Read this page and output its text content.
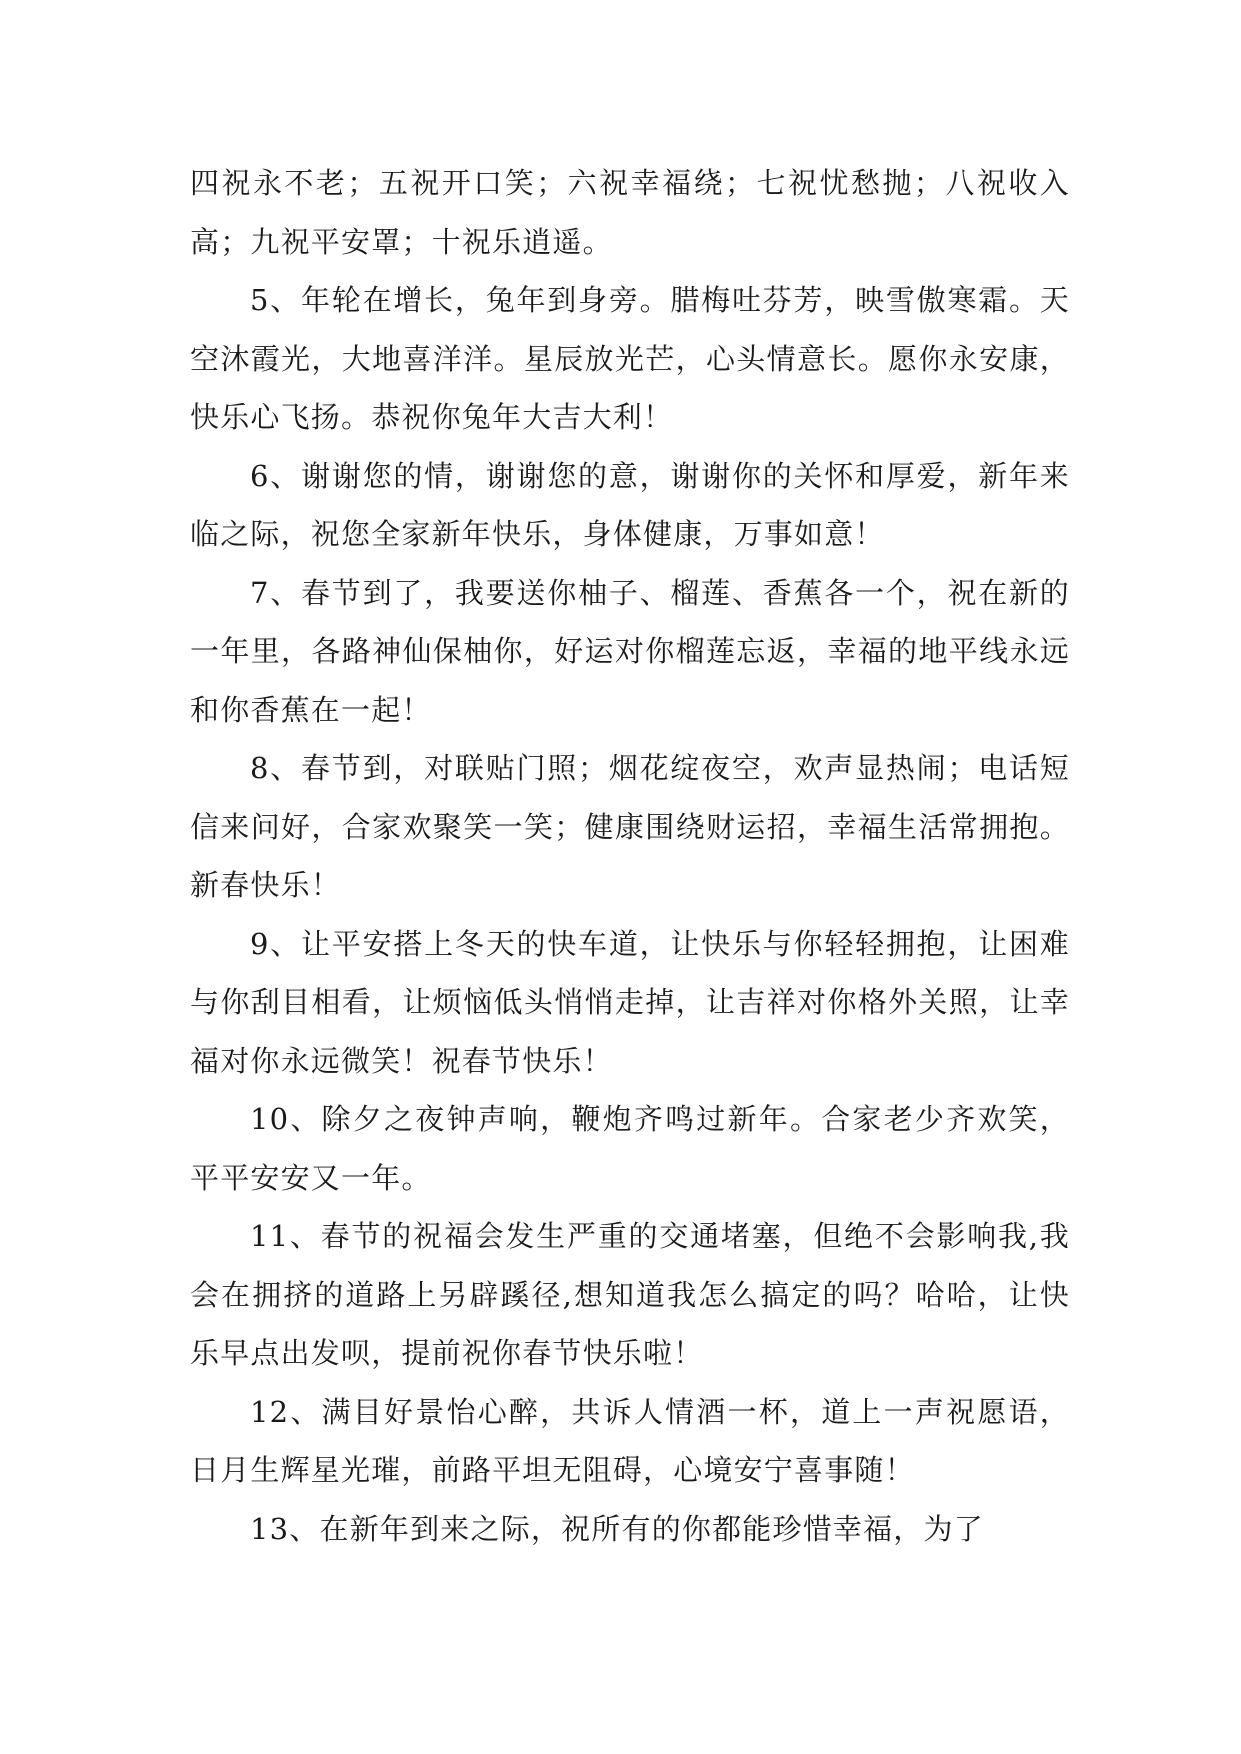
四祝永不老；五祝开口笑；六祝幸福绕；七祝忧愁抛；八祝收入高；九祝平安罩；十祝乐逍遥。

5、年轮在增长，兔年到身旁。腊梅吐芬芳，映雪傲寒霜。天空沐霞光，大地喜洋洋。星辰放光芒，心头情意长。愿你永安康，快乐心飞扬。恭祝你兔年大吉大利！

6、谢谢您的情，谢谢您的意，谢谢你的关怀和厚爱，新年来临之际，祝您全家新年快乐，身体健康，万事如意！

7、春节到了，我要送你柚子、榴莲、香蕉各一个，祝在新的一年里，各路神仙保柚你，好运对你榴莲忘返，幸福的地平线永远和你香蕉在一起！

8、春节到，对联贴门照；烟花绽夜空，欢声显热闹；电话短信来问好，合家欢聚笑一笑；健康围绕财运招，幸福生活常拥抱。新春快乐！

9、让平安搭上冬天的快车道，让快乐与你轻轻拥抱，让困难与你刮目相看，让烦恼低头悄悄走掉，让吉祥对你格外关照，让幸福对你永远微笑！祝春节快乐！

10、除夕之夜钟声响，鞭炮齐鸣过新年。合家老少齐欢笑，平平安安又一年。

11、春节的祝福会发生严重的交通堵塞，但绝不会影响我,我会在拥挤的道路上另辟蹊径,想知道我怎么搞定的吗？哈哈，让快乐早点出发呗，提前祝你春节快乐啦！

12、满目好景怡心醉，共诉人情酒一杯，道上一声祝愿语，日月生辉星光璀，前路平坦无阻碍，心境安宁喜事随！

13、在新年到来之际，祝所有的你都能珍惜幸福，为了
